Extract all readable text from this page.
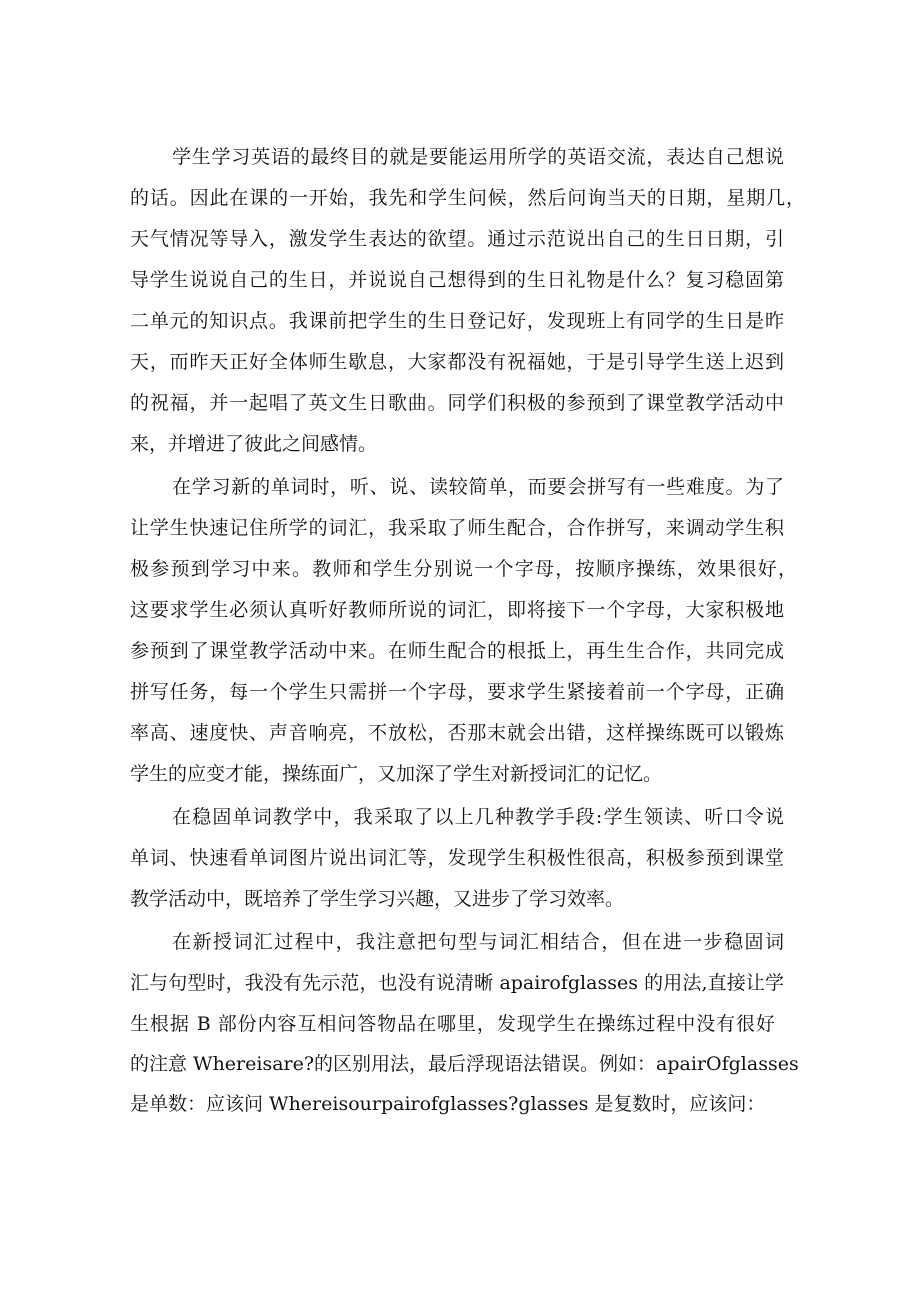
学生学习英语的最终目的就是要能运用所学的英语交流，表达自己想说
的话。因此在课的一开始，我先和学生问候，然后问询当天的日期，星期几，
天气情况等导入，激发学生表达的欲望。通过示范说出自己的生日日期，引
导学生说说自己的生日，并说说自己想得到的生日礼物是什么？复习稳固第
二单元的知识点。我课前把学生的生日登记好，发现班上有同学的生日是昨
天，而昨天正好全体师生歇息，大家都没有祝福她，于是引导学生送上迟到
的祝福，并一起唱了英文生日歌曲。同学们积极的参预到了课堂教学活动中
来，并增进了彼此之间感情。
在学习新的单词时，听、说、读较简单，而要会拼写有一些难度。为了
让学生快速记住所学的词汇，我采取了师生配合，合作拼写，来调动学生积
极参预到学习中来。教师和学生分别说一个字母，按顺序操练，效果很好，
这要求学生必须认真听好教师所说的词汇，即将接下一个字母，大家积极地
参预到了课堂教学活动中来。在师生配合的根抵上，再生生合作，共同完成
拼写任务，每一个学生只需拼一个字母，要求学生紧接着前一个字母，正确
率高、速度快、声音响亮，不放松，否那末就会出错，这样操练既可以锻炼
学生的应变才能，操练面广，又加深了学生对新授词汇的记忆。
在稳固单词教学中，我采取了以上几种教学手段:学生领读、听口令说
单词、快速看单词图片说出词汇等，发现学生积极性很高，积极参预到课堂
教学活动中，既培养了学生学习兴趣，又进步了学习效率。
在新授词汇过程中，我注意把句型与词汇相结合，但在进一步稳固词
汇与句型时，我没有先示范，也没有说清晰 apairofglasses 的用法,直接让学
生根据 B 部份内容互相问答物品在哪里，发现学生在操练过程中没有很好
的注意 Whereisare?的区别用法，最后浮现语法错误。例如：apairOfglasses
是单数：应该问 Whereisourpairofglasses?glasses 是复数时，应该问：
